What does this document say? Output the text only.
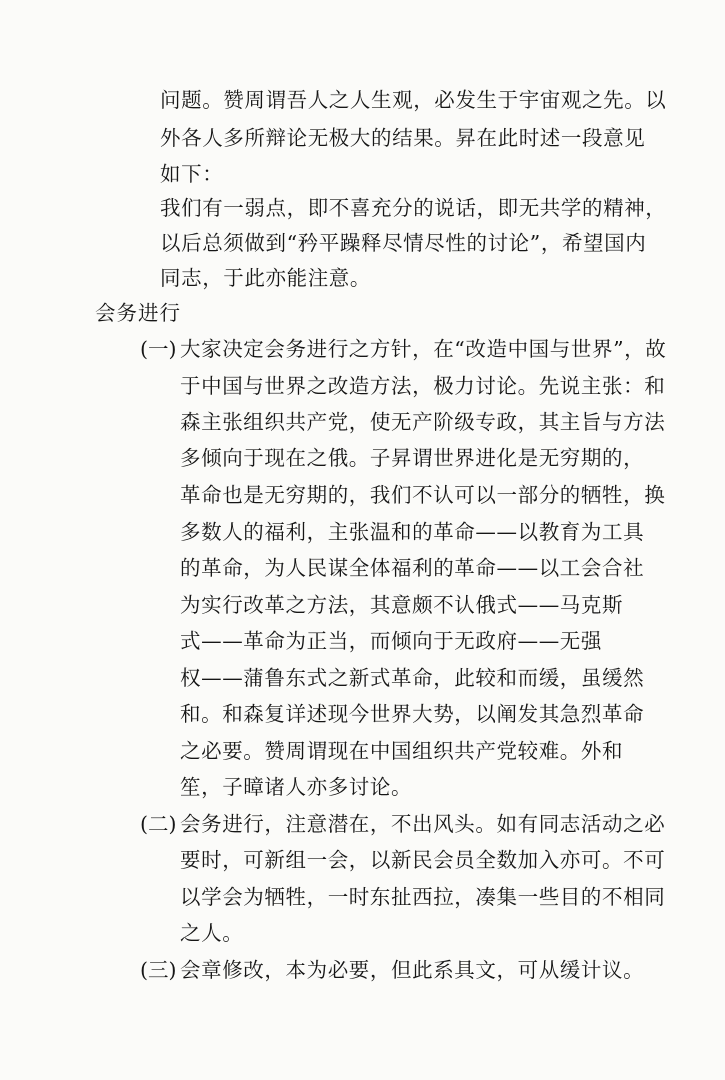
问题。赞周谓吾人之人生观，必发生于宇宙观之先。以
外各人多所辩论无极大的结果。昇在此时述一段意见
如下：
我们有一弱点，即不喜充分的说话，即无共学的精神，
以后总须做到“矜平躁释尽情尽性的讨论”，希望国内
同志，于此亦能注意。
会务进行
(一) 大家决定会务进行之方针，在“改造中国与世界”，故
于中国与世界之改造方法，极力讨论。先说主张：和
森主张组织共产党，使无产阶级专政，其主旨与方法
多倾向于现在之俄。子昇谓世界进化是无穷期的，
革命也是无穷期的，我们不认可以一部分的牺牲，换
多数人的福利，主张温和的革命——以教育为工具
的革命，为人民谋全体福利的革命——以工会合社
为实行改革之方法，其意颇不认俄式——马克斯
式——革命为正当，而倾向于无政府——无强
权——蒲鲁东式之新式革命，此较和而缓，虽缓然
和。和森复详述现今世界大势，以阐发其急烈革命
之必要。赞周谓现在中国组织共产党较难。外和
笙，子暲诸人亦多讨论。
(二) 会务进行，注意潜在，不出风头。如有同志活动之必
要时，可新组一会，以新民会员全数加入亦可。不可
以学会为牺牲，一时东扯西拉，凑集一些目的不相同
之人。
(三) 会章修改，本为必要，但此系具文，可从缓计议。
